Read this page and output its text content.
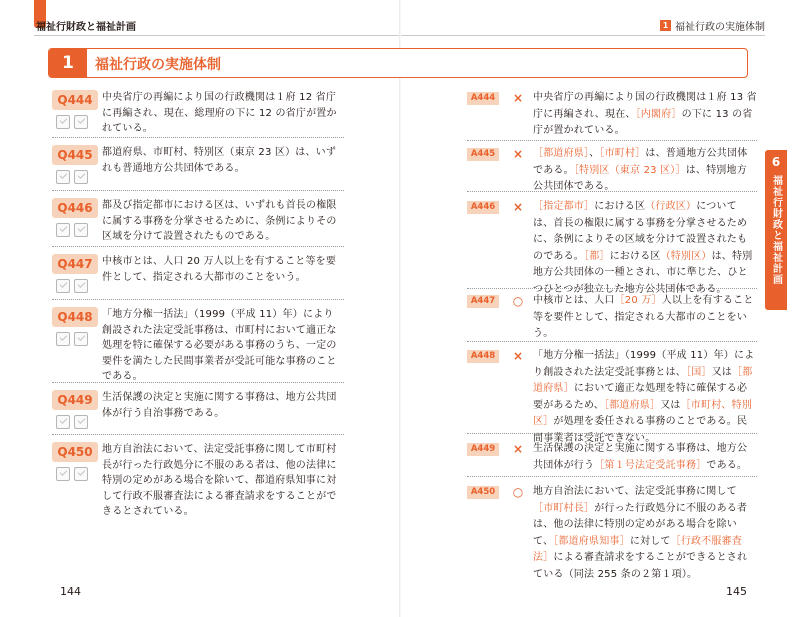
福祉行財政と福祉計画
144
1 福祉行政の実施体制
1	福祉行政の実施体制
Q444 中央省庁の再編により国の行政機関は１府 12 省庁に再編され、現在、総理府の下に 12 の省庁が置かれている。
Q445 都道府県、市町村、特別区（東京 23 区）は、いずれも普通地方公共団体である。
Q446 都及び指定都市における区は、いずれも首長の権限に属する事務を分掌させるために、条例によりその区域を分けて設置されたものである。
Q447 中核市とは、人口 20 万人以上を有すること等を要件として、指定される大都市のことをいう。
Q448 「地方分権一括法」（1999（平成 11）年）により創設された法定受託事務は、市町村において適正な処理を特に確保する必要がある事務のうち、一定の要件を満たした民間事業者が受託可能な事務のことである。
Q449 生活保護の決定と実施に関する事務は、地方公共団体が行う自治事務である。
Q450 地方自治法において、法定受託事務に関して市町村長が行った行政処分に不服のある者は、他の法律に特別の定めがある場合を除いて、都道府県知事に対して行政不服審査法による審査請求をすることができるとされている。
A444	× 中央省庁の再編により国の行政機関は１府 13 省庁に再編され、現在、［内閣府］の下に 13 の省庁が置かれている。
A445	× ［都道府県］、［市町村］は、普通地方公共団体である。［特別区（東京 23 区）］は、特別地方公共団体である。
A446	× ［指定都市］における区（行政区）については、首長の権限に属する事務を分掌させるために、条例によりその区域を分けて設置されたものである。［都］における区（特別区）は、特別地方公共団体の一種とされ、市に準じた、ひとつひとつが独立した地方公共団体である。
A447	○ 中核市とは、人口［20 万］人以上を有すること等を要件として、指定される大都市のことをいう。
A448	× 「地方分権一括法」（1999（平成 11）年）により創設された法定受託事務とは、［国］又は［都道府県］において適正な処理を特に確保する必要があるため、［都道府県］又は［市町村、特別区］が処理を委任される事務のことである。民間事業者は受託できない。
A449	× 生活保護の決定と実施に関する事務は、地方公共団体が行う［第１号法定受託事務］である。
A450	○ 地方自治法において、法定受託事務に関して［市町村長］が行った行政処分に不服のある者は、他の法律に特別の定めがある場合を除いて、［都道府県知事］に対して［行政不服審査法］による審査請求をすることができるとされている（同法 255 条の２第１項）。
6
福祉行財政と福祉計画
145
